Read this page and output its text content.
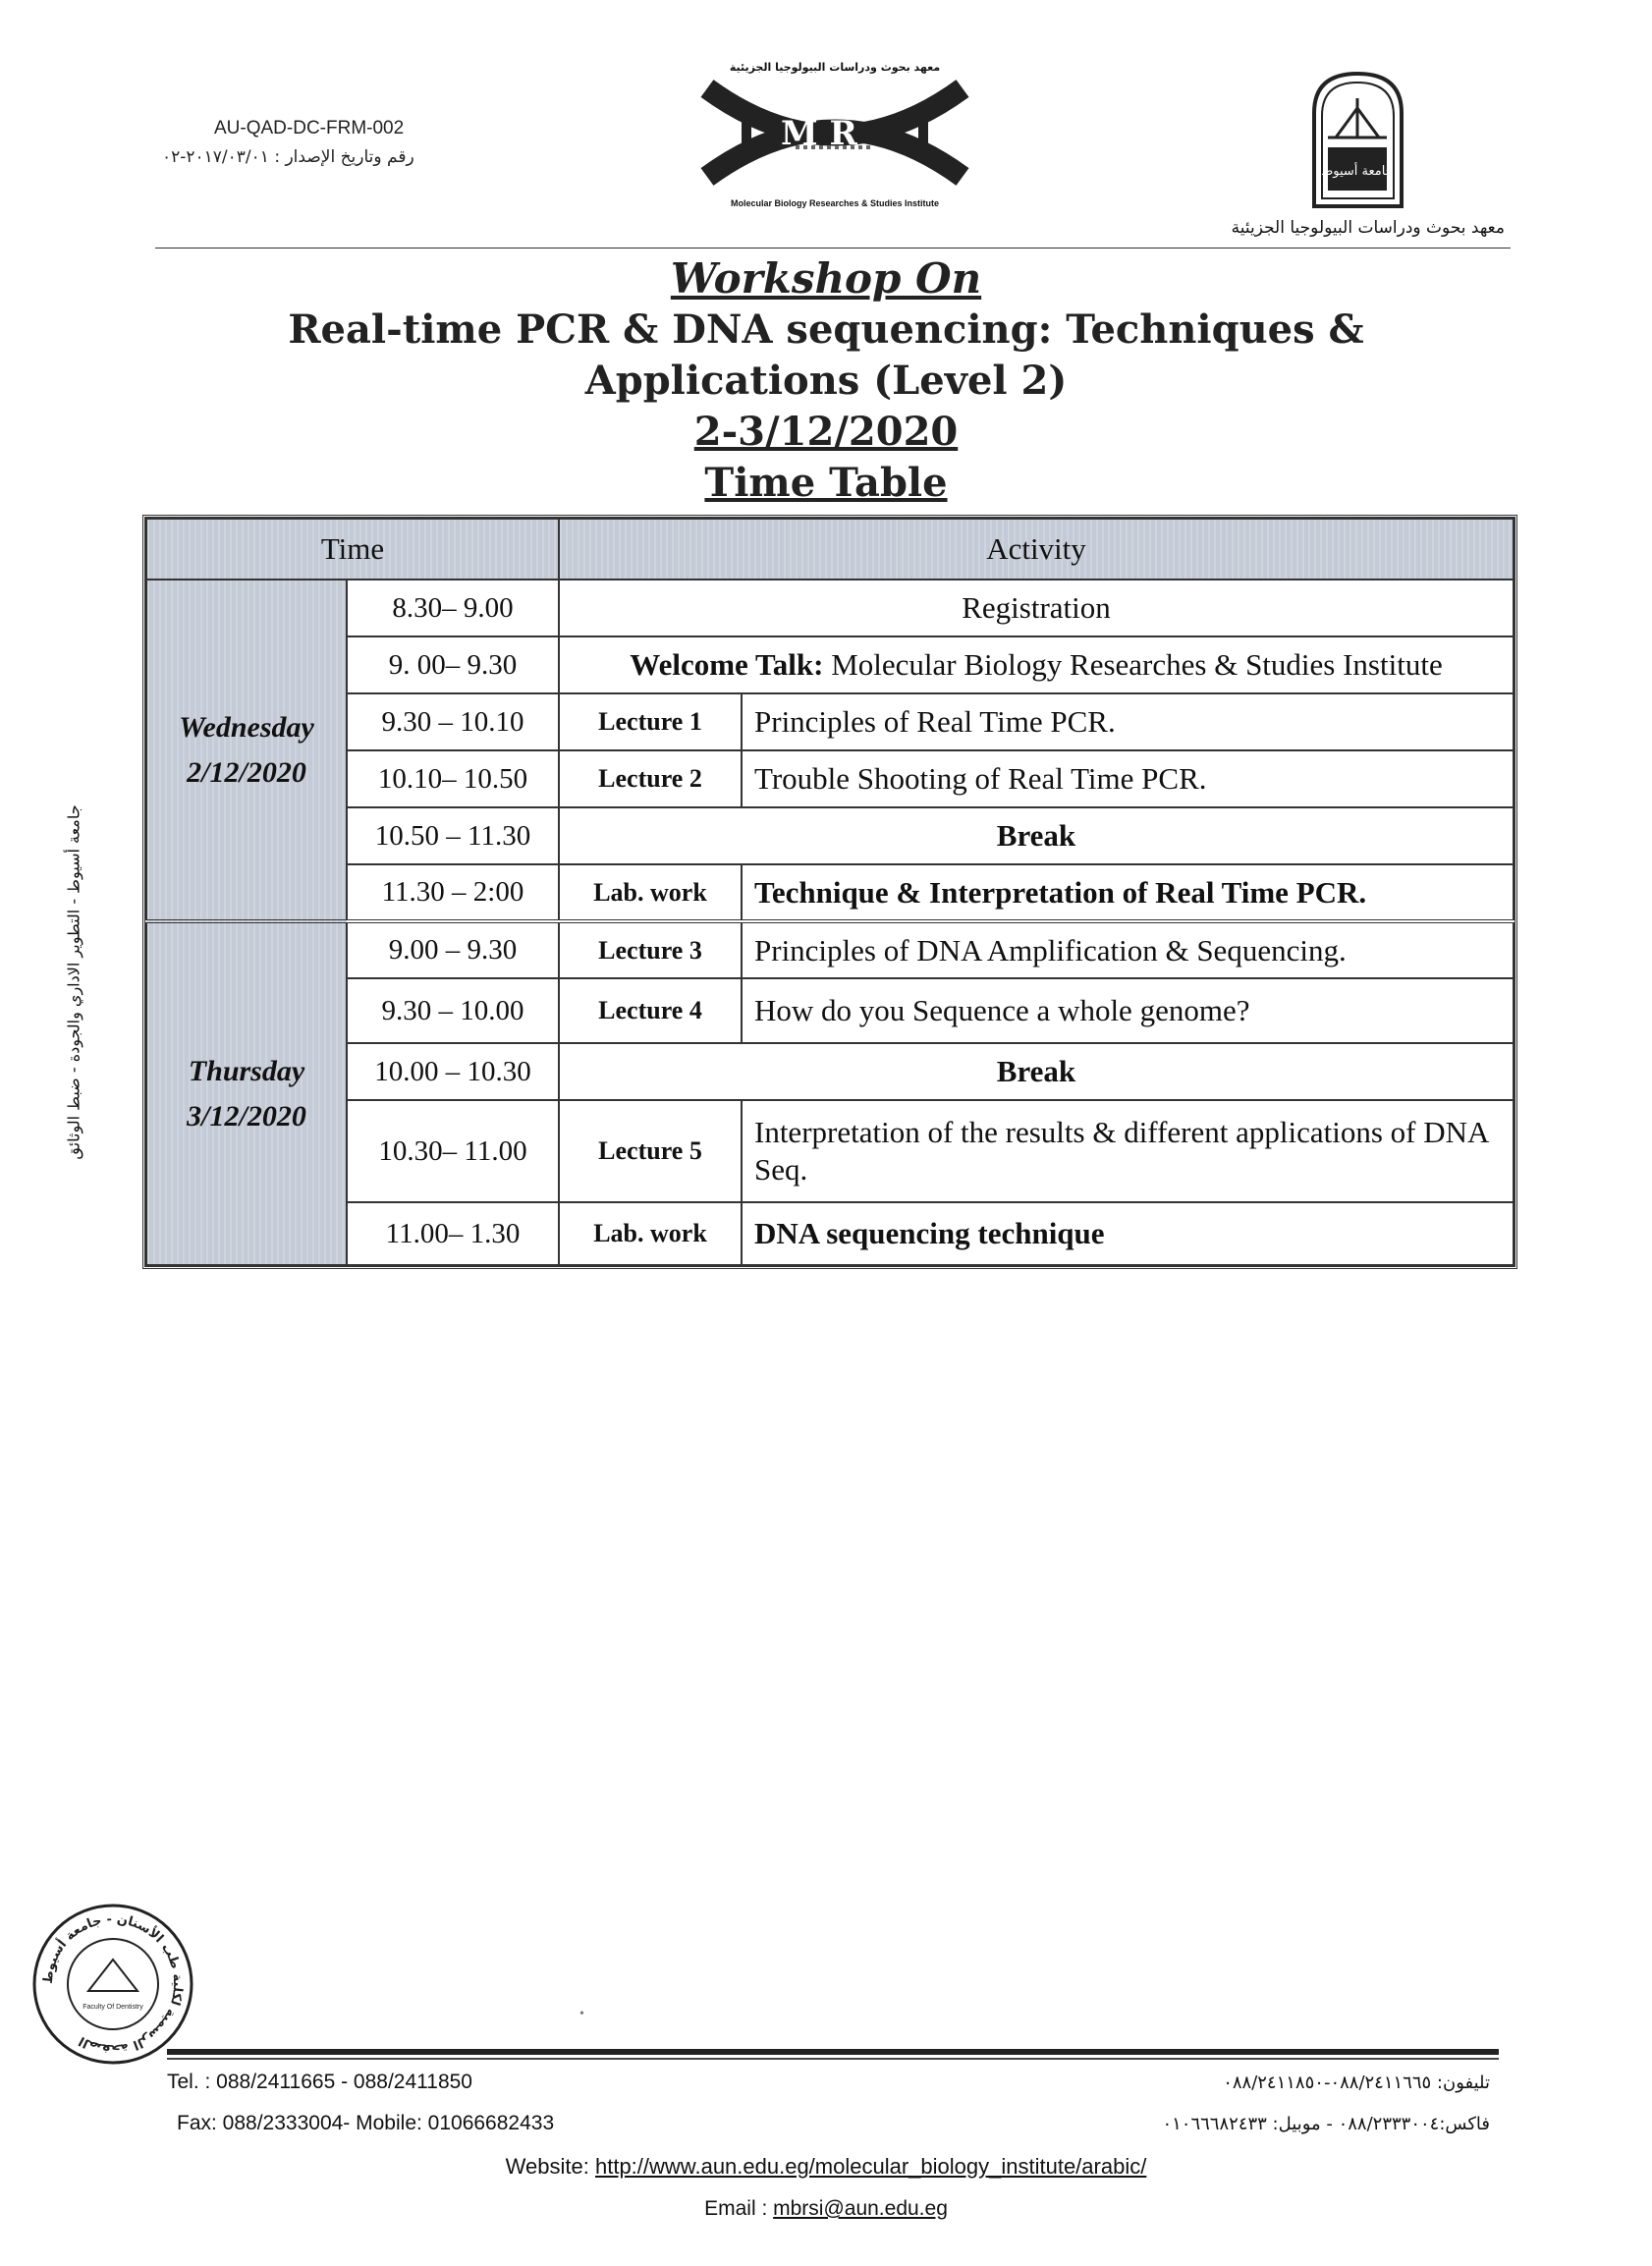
AU-QAD-DC-FRM-002
رقم وتاريخ الإصدار : ٢٠١٧/٠٣/٠١-٠٢
معهد بحوث ودراسات البيولوجيا الجزيئية
M R
Molecular Biology Researches & Studies Institute
جامعة أسيوط
معهد بحوث ودراسات البيولوجيا الجزيئية
Workshop On
Real-time PCR & DNA sequencing: Techniques &
Applications (Level 2)
2-3/12/2020
Time Table
جامعة أسيوط - التطوير الاداري والجودة - ضبط الوثائق
Time		Activity	

Wednesday
2/12/2020	8.30– 9.00	Registration	
	9. 00– 9.30	Welcome Talk: Molecular Biology Researches & Studies Institute	
	9.30 – 10.10	Lecture 1	Principles of Real Time PCR.
	10.10– 10.50	Lecture 2	Trouble Shooting of Real Time PCR.
	10.50 – 11.30	Break	
	11.30 – 2:00	Lab. work	Technique & Interpretation of Real Time PCR.

Thursday
3/12/2020	9.00 – 9.30	Lecture 3	Principles of DNA Amplification & Sequencing.
	9.30 – 10.00	Lecture 4	How do you Sequence a whole genome?
	10.00 – 10.30	Break	
	10.30– 11.00	Lecture 5	Interpretation of the results & different applications of DNA Seq.
	11.00– 1.30	Lab. work	DNA sequencing technique
الصفحة الرسمية لكلية طب الأسنان - جامعة أسيوط
Faculty Of Dentistry	•
Tel. : 088/2411665 - 088/2411850
Fax: 088/2333004- Mobile: 01066682433
تليفون: ٠٨٨/٢٤١١٦٦٥-٠٨٨/٢٤١١٨٥٠
فاكس:٠٨٨/٢٣٣٣٠٠٤ - موبيل: ٠١٠٦٦٦٨٢٤٣٣
Website: http://www.aun.edu.eg/molecular_biology_institute/arabic/
Email : mbrsi@aun.edu.eg
